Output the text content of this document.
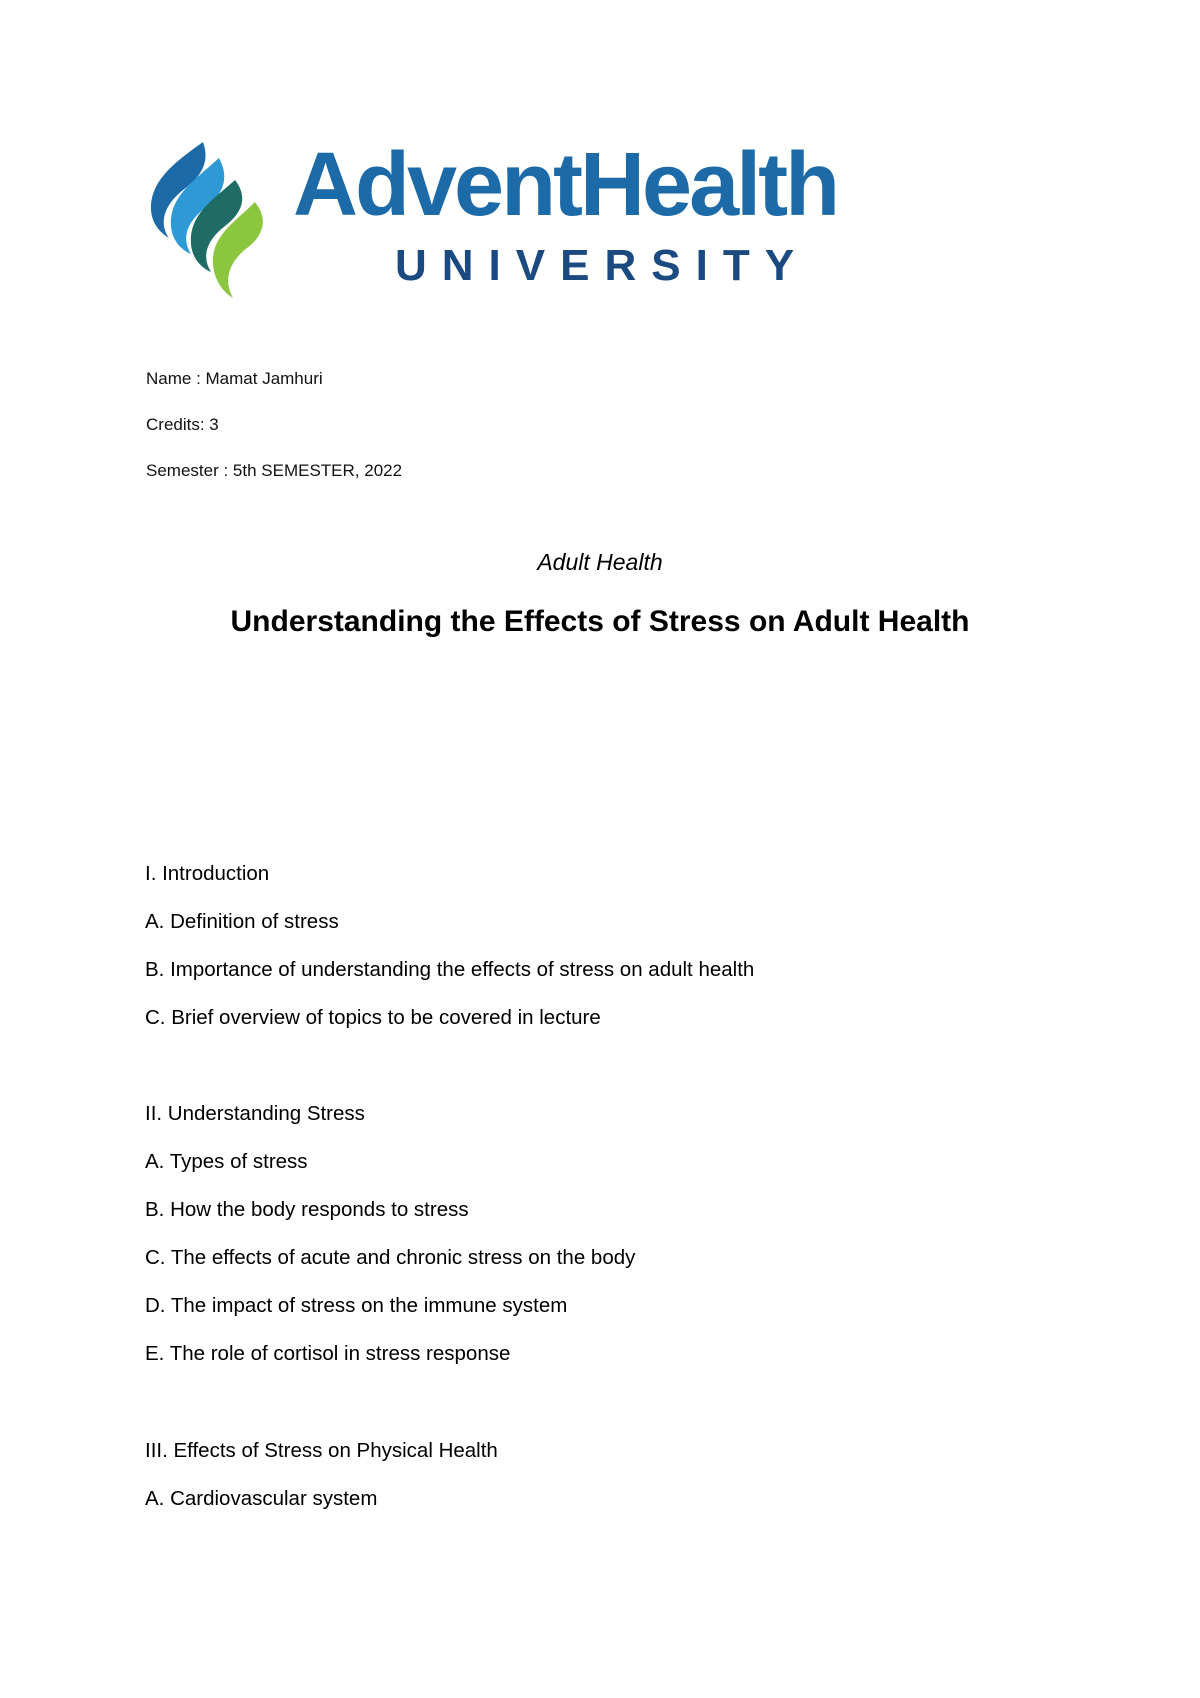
AdventHealth
UNIVERSITY
Name : Mamat Jamhuri
Credits: 3
Semester : 5th SEMESTER, 2022
Adult Health
Understanding the Effects of Stress on Adult Health
I. Introduction
A. Definition of stress
B. Importance of understanding the effects of stress on adult health
C. Brief overview of topics to be covered in lecture
II. Understanding Stress
A. Types of stress
B. How the body responds to stress
C. The effects of acute and chronic stress on the body
D. The impact of stress on the immune system
E. The role of cortisol in stress response
III. Effects of Stress on Physical Health
A. Cardiovascular system
